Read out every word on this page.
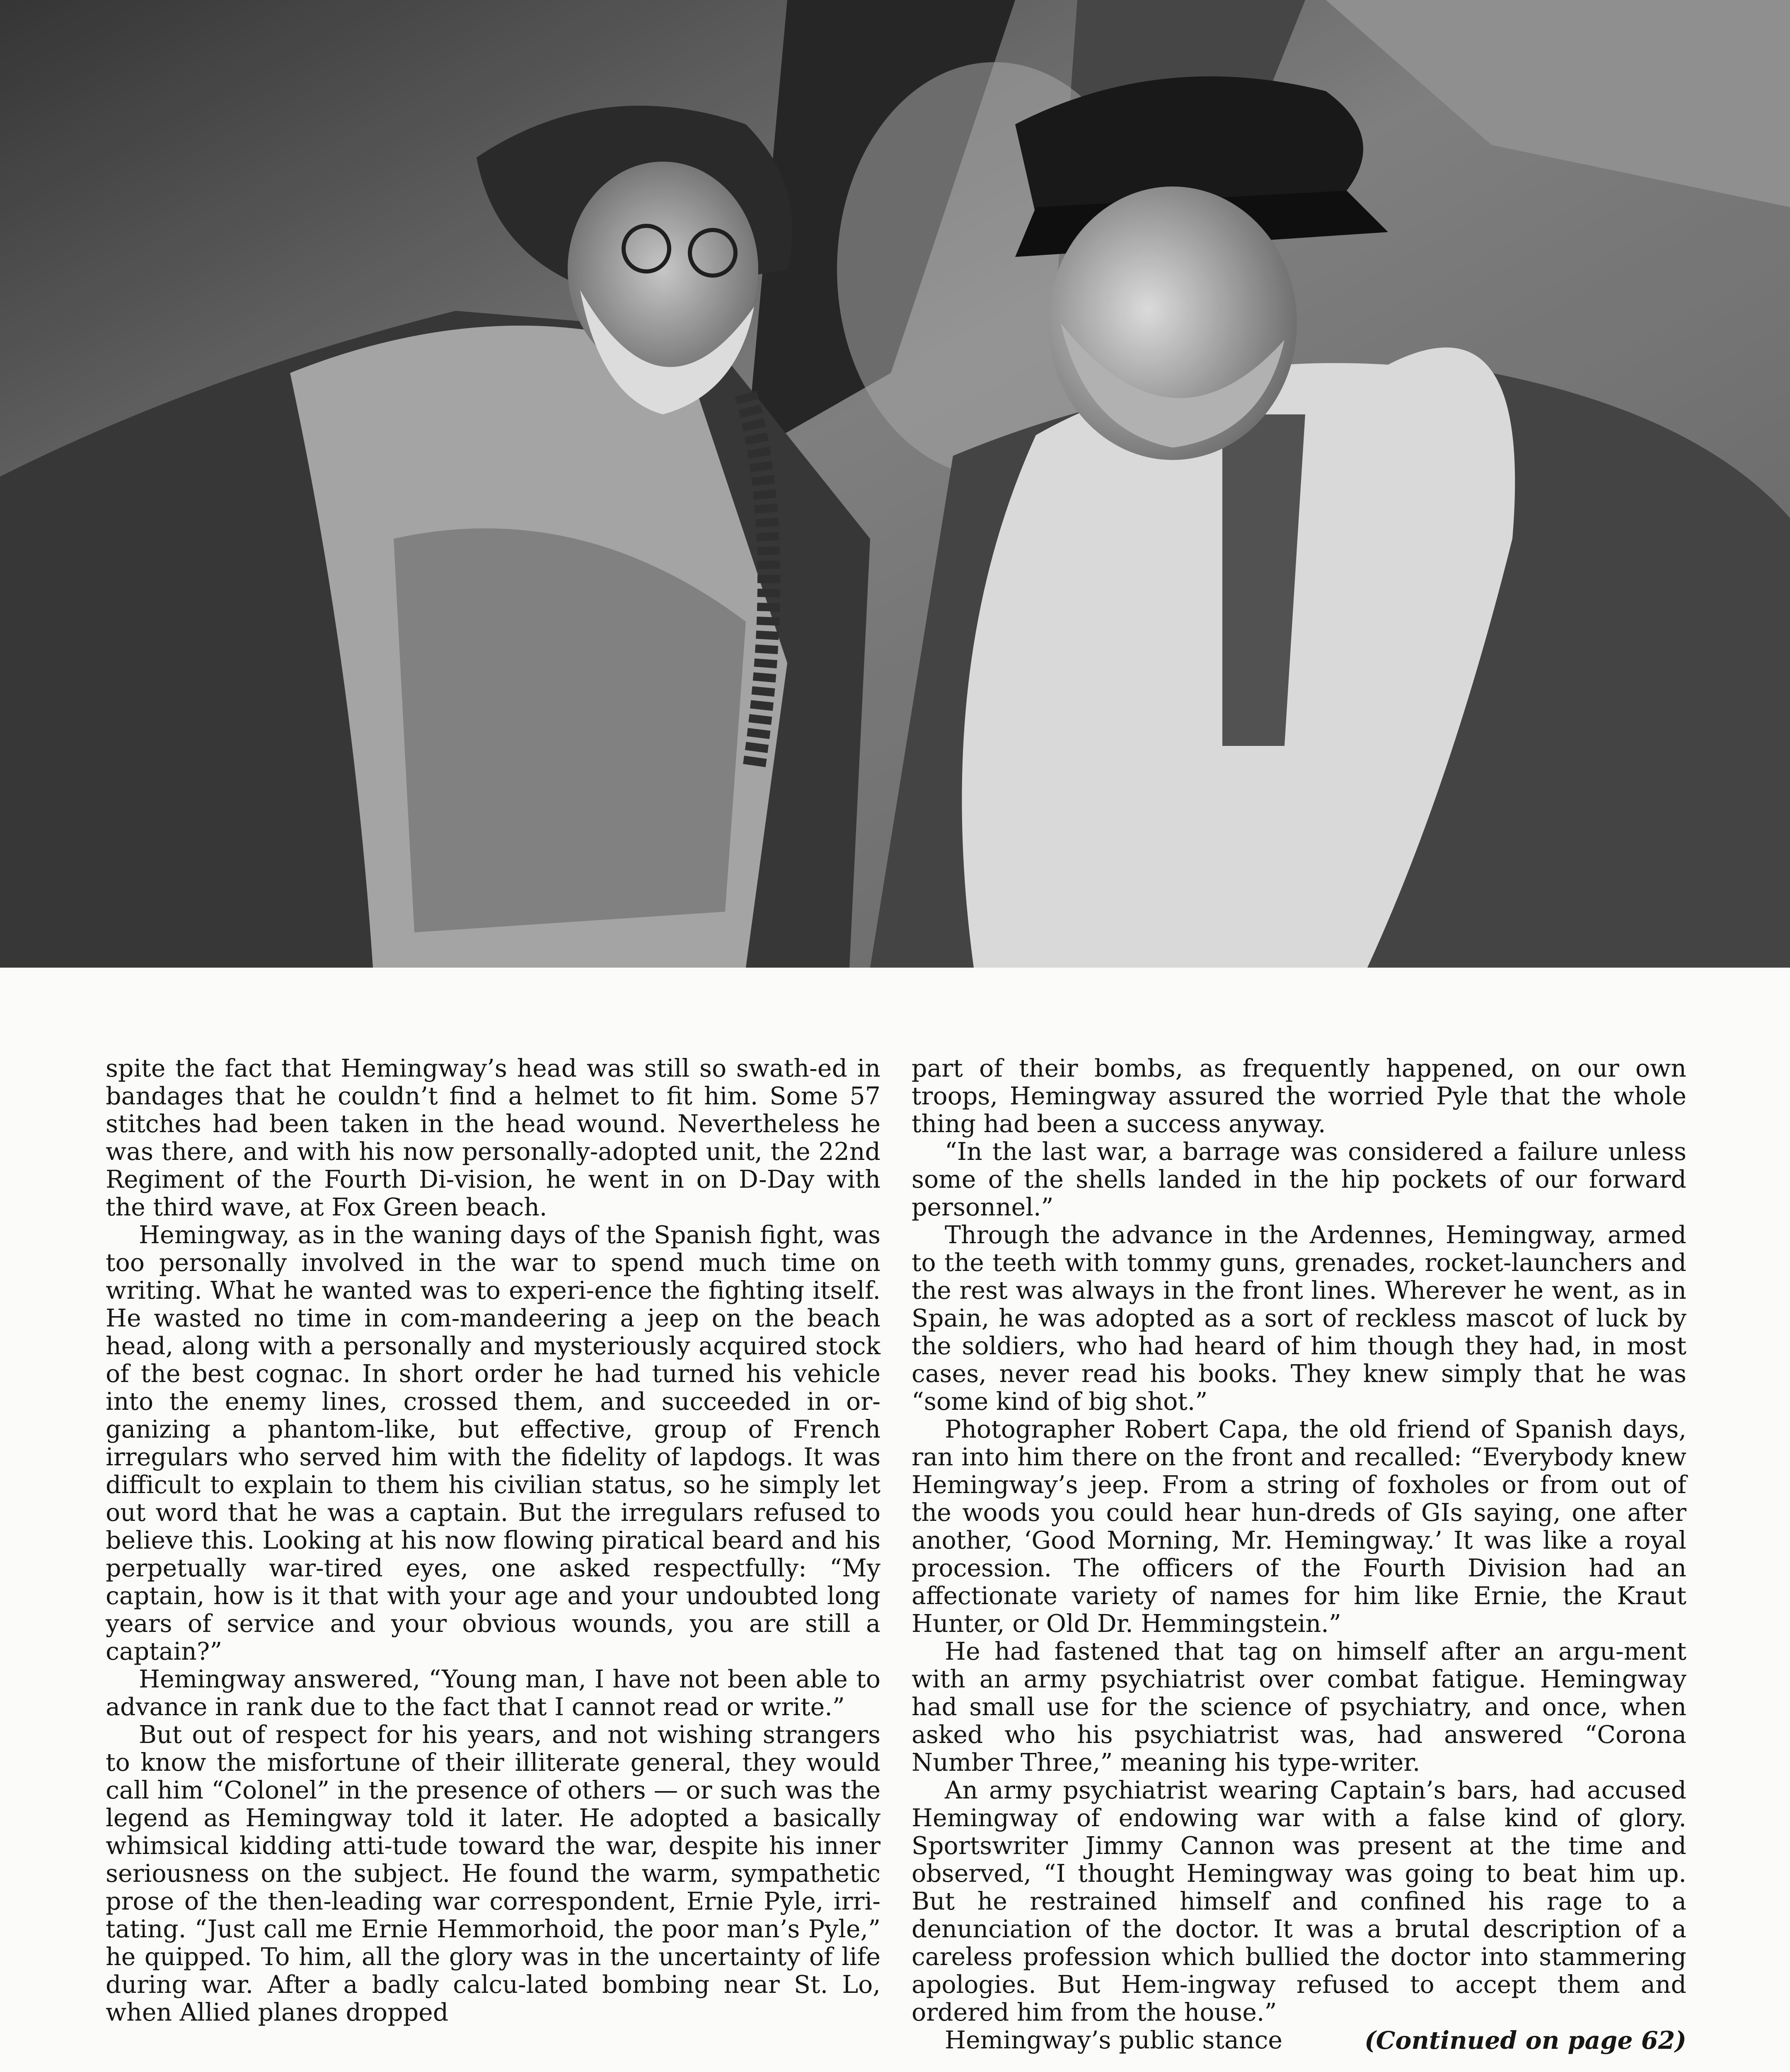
spite the fact that Hemingway’s head was still so swath-ed in bandages that he couldn’t find a helmet to fit him. Some 57 stitches had been taken in the head wound. Nevertheless he was there, and with his now personally-adopted unit, the 22nd Regiment of the Fourth Di-vision, he went in on D-Day with the third wave, at Fox Green beach.

Hemingway, as in the waning days of the Spanish fight, was too personally involved in the war to spend much time on writing. What he wanted was to experi-ence the fighting itself. He wasted no time in com-mandeering a jeep on the beach head, along with a personally and mysteriously acquired stock of the best cognac. In short order he had turned his vehicle into the enemy lines, crossed them, and succeeded in or-ganizing a phantom-like, but effective, group of French irregulars who served him with the fidelity of lapdogs. It was difficult to explain to them his civilian status, so he simply let out word that he was a captain. But the irregulars refused to believe this. Looking at his now flowing piratical beard and his perpetually war-tired eyes, one asked respectfully: “My captain, how is it that with your age and your undoubted long years of service and your obvious wounds, you are still a captain?”

Hemingway answered, “Young man, I have not been able to advance in rank due to the fact that I cannot read or write.”

But out of respect for his years, and not wishing strangers to know the misfortune of their illiterate general, they would call him “Colonel” in the presence of others — or such was the legend as Hemingway told it later. He adopted a basically whimsical kidding atti-tude toward the war, despite his inner seriousness on the subject. He found the warm, sympathetic prose of the then-leading war correspondent, Ernie Pyle, irri-tating. “Just call me Ernie Hemmorhoid, the poor man’s Pyle,” he quipped. To him, all the glory was in the uncertainty of life during war. After a badly calcu-lated bombing near St. Lo, when Allied planes dropped

part of their bombs, as frequently happened, on our own troops, Hemingway assured the worried Pyle that the whole thing had been a success anyway.

“In the last war, a barrage was considered a failure unless some of the shells landed in the hip pockets of our forward personnel.”

Through the advance in the Ardennes, Hemingway, armed to the teeth with tommy guns, grenades, rocket-launchers and the rest was always in the front lines. Wherever he went, as in Spain, he was adopted as a sort of reckless mascot of luck by the soldiers, who had heard of him though they had, in most cases, never read his books. They knew simply that he was “some kind of big shot.”

Photographer Robert Capa, the old friend of Spanish days, ran into him there on the front and recalled: “Everybody knew Hemingway’s jeep. From a string of foxholes or from out of the woods you could hear hun-dreds of GIs saying, one after another, ‘Good Morning, Mr. Hemingway.’ It was like a royal procession. The officers of the Fourth Division had an affectionate variety of names for him like Ernie, the Kraut Hunter, or Old Dr. Hemmingstein.”

He had fastened that tag on himself after an argu-ment with an army psychiatrist over combat fatigue. Hemingway had small use for the science of psychiatry, and once, when asked who his psychiatrist was, had answered “Corona Number Three,” meaning his type-writer.

An army psychiatrist wearing Captain’s bars, had accused Hemingway of endowing war with a false kind of glory. Sportswriter Jimmy Cannon was present at the time and observed, “I thought Hemingway was going to beat him up. But he restrained himself and confined his rage to a denunciation of the doctor. It was a brutal description of a careless profession which bullied the doctor into stammering apologies. But Hem-ingway refused to accept them and ordered him from the house.”

Hemingway’s public stance	(Continued on page 62)
